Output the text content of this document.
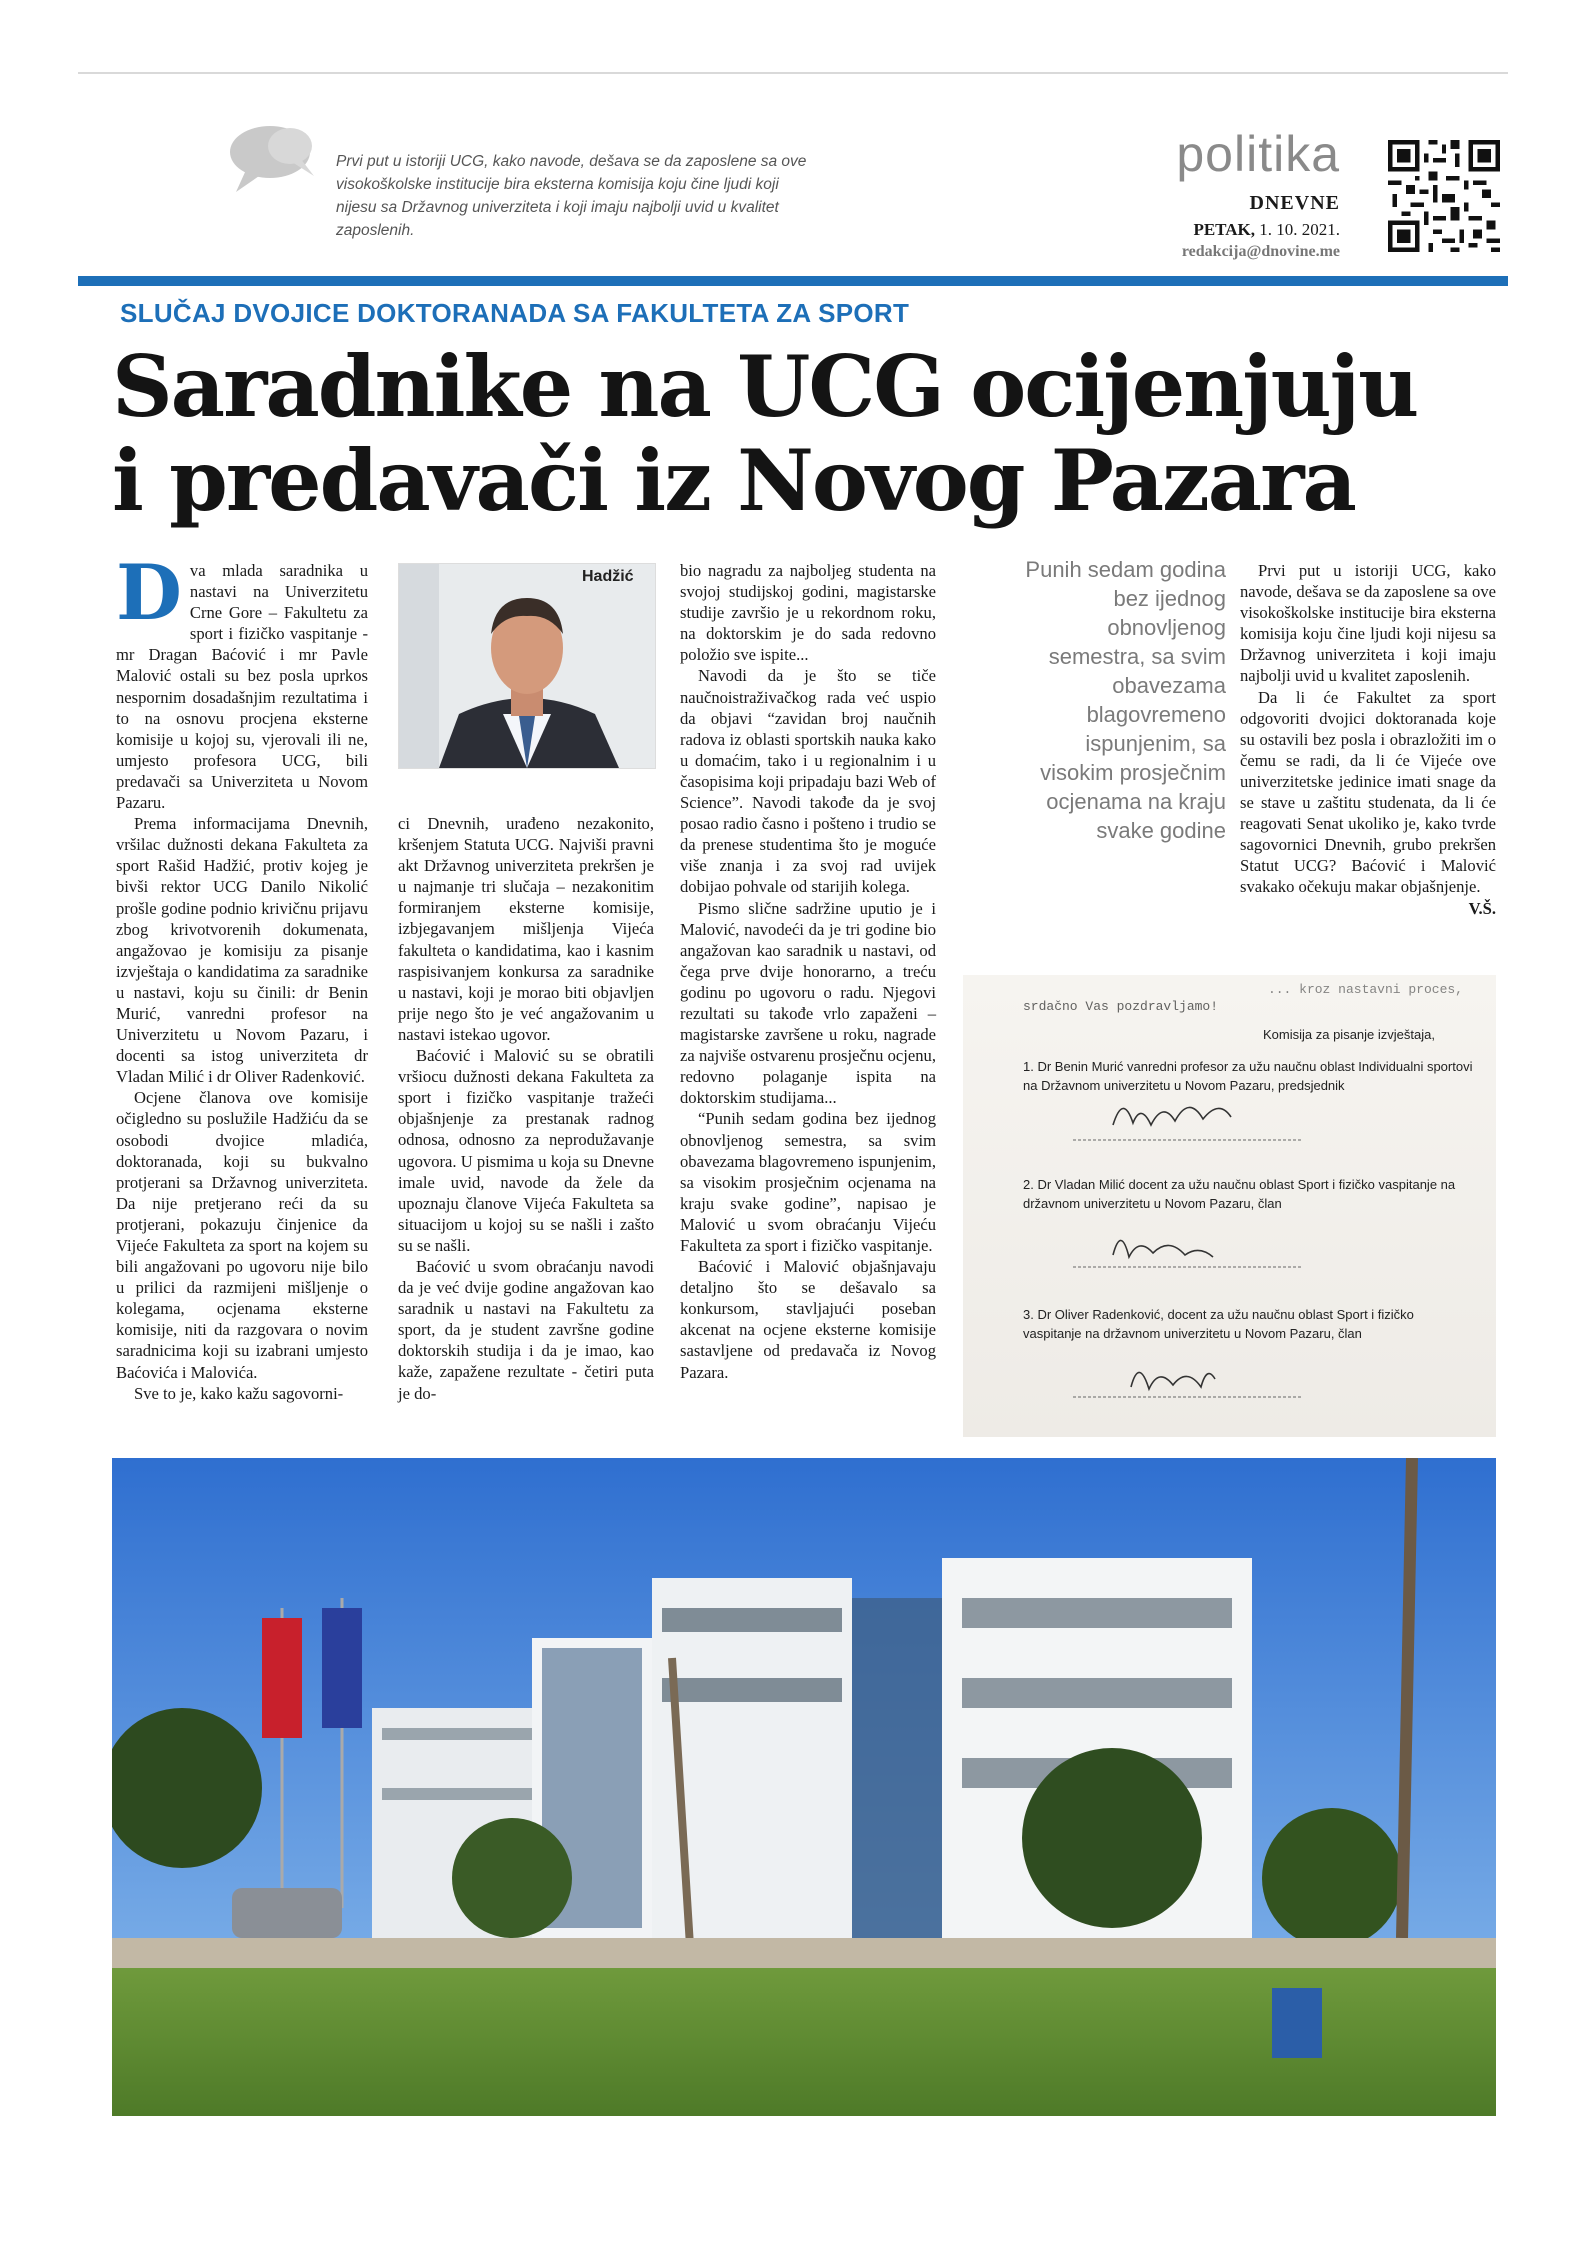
Prvi put u istoriji UCG, kako navode, dešava se da zaposlene sa ove visokoškolske institucije bira eksterna komisija koju čine ljudi koji nijesu sa Državnog univerziteta i koji imaju najbolji uvid u kvalitet zaposlenih.
politika
DNEVNE
PETAK, 1. 10. 2021.
redakcija@dnovine.me
SLUČAJ DVOJICE DOKTORANADA SA FAKULTETA ZA SPORT
Saradnike na UCG ocijenjuju
i predavači iz Novog Pazara

Dva mlada saradnika u nastavi na Univerzitetu Crne Gore – Fakultetu za sport i fizičko vaspitanje - mr Dragan Baćović i mr Pavle Malović ostali su bez posla uprkos nespornim dosadašnjim rezultatima i to na osnovu procjena eksterne komisije u kojoj su, vjerovali ili ne, umjesto profesora UCG, bili predavači sa Univerziteta u Novom Pazaru.

Prema informacijama Dnevnih, vršilac dužnosti dekana Fakulteta za sport Rašid Hadžić, protiv kojeg je bivši rektor UCG Danilo Nikolić prošle godine podnio krivičnu prijavu zbog krivotvorenih dokumenata, angažovao je komisiju za pisanje izvještaja o kandidatima za saradnike u nastavi, koju su činili: dr Benin Murić, vanredni profesor na Univerzitetu u Novom Pazaru, i docenti sa istog univerziteta dr Vladan Milić i dr Oliver Radenković.

Ocjene članova ove komisije očigledno su poslužile Hadžiću da se osobodi dvojice mladića, doktoranada, koji su bukvalno protjerani sa Državnog univerziteta. Da nije pretjerano reći da su protjerani, pokazuju činjenice da Vijeće Fakulteta za sport na kojem su bili angažovani po ugovoru nije bilo u prilici da razmijeni mišljenje o kolegama, ocjenama eksterne komisije, niti da razgovara o novim saradnicima koji su izabrani umjesto Baćovića i Malovića.

Sve to je, kako kažu sagovorni-

Hadžić

ci Dnevnih, urađeno nezakonito, kršenjem Statuta UCG. Najviši pravni akt Državnog univerziteta prekršen je u najmanje tri slučaja – nezakonitim formiranjem eksterne komisije, izbjegavanjem mišljenja Vijeća fakulteta o kandidatima, kao i kasnim raspisivanjem konkursa za saradnike u nastavi, koji je morao biti objavljen prije nego što je već angažovanim u nastavi istekao ugovor.

Baćović i Malović su se obratili vršiocu dužnosti dekana Fakulteta za sport i fizičko vaspitanje tražeći objašnjenje za prestanak radnog odnosa, odnosno za neprodužavanje ugovora. U pismima u koja su Dnevne imale uvid, navode da žele da upoznaju članove Vijeća Fakulteta sa situacijom u kojoj su se našli i zašto su se našli.

Baćović u svom obraćanju navodi da je već dvije godine angažovan kao saradnik u nastavi na Fakultetu za sport, da je student završne godine doktorskih studija i da je imao, kao kaže, zapažene rezultate - četiri puta je do-

bio nagradu za najboljeg studenta na svojoj studijskoj godini, magistarske studije završio je u rekordnom roku, na doktorskim je do sada redovno položio sve ispite...

Navodi da je što se tiče naučnoistraživačkog rada već uspio da objavi “zavidan broj naučnih radova iz oblasti sportskih nauka kako u domaćim, tako i u regionalnim i u časopisima koji pripadaju bazi Web of Science”. Navodi takođe da je svoj posao radio časno i pošteno i trudio se da prenese studentima što je moguće više znanja i za svoj rad uvijek dobijao pohvale od starijih kolega.

Pismo slične sadržine uputio je i Malović, navodeći da je tri godine bio angažovan kao saradnik u nastavi, od čega prve dvije honorarno, a treću godinu po ugovoru o radu. Njegovi rezultati su takođe vrlo zapaženi – magistarske završene u roku, nagrade za najviše ostvarenu prosječnu ocjenu, redovno polaganje ispita na doktorskim studijama...

“Punih sedam godina bez ijednog obnovljenog semestra, sa svim obavezama blagovremeno ispunjenim, sa visokim prosječnim ocjenama na kraju svake godine”, napisao je Malović u svom obraćanju Vijeću Fakulteta za sport i fizičko vaspitanje.

Baćović i Malović objašnjavaju detaljno što se dešavalo sa konkursom, stavljajući poseban akcenat na ocjene eksterne komisije sastavljene od predavača iz Novog Pazara.

Punih sedam godina bez ijednog obnovljenog semestra, sa svim obavezama blagovremeno ispunjenim, sa visokim prosječnim ocjenama na kraju svake godine

Prvi put u istoriji UCG, kako navode, dešava se da zaposlene sa ove visokoškolske institucije bira eksterna komisija koju čine ljudi koji nijesu sa Državnog univerziteta i koji imaju najbolji uvid u kvalitet zaposlenih.

Da li će Fakultet za sport odgovoriti dvojici doktoranada koje su ostavili bez posla i obrazložiti im o čemu se radi, da li će Vijeće ove univerzitetske jedinice imati snage da se stave u zaštitu studenata, da li će reagovati Senat ukoliko je, kako tvrde sagovornici Dnevnih, grubo prekršen Statut UCG? Baćović i Malović svakako očekuju makar objašnjenje.

V.Š.
... kroz nastavni proces,
srdačno Vas pozdravljamo!
Komisija za pisanje izvještaja,
1. Dr Benin Murić vanredni profesor za užu naučnu oblast Individualni sportovi na Državnom univerzitetu u Novom Pazaru, predsjednik
2. Dr Vladan Milić docent za užu naučnu oblast Sport i fizičko vaspitanje na državnom univerzitetu u Novom Pazaru, član
3. Dr Oliver Radenković, docent za užu naučnu oblast Sport i fizičko vaspitanje na državnom univerzitetu u Novom Pazaru, član
